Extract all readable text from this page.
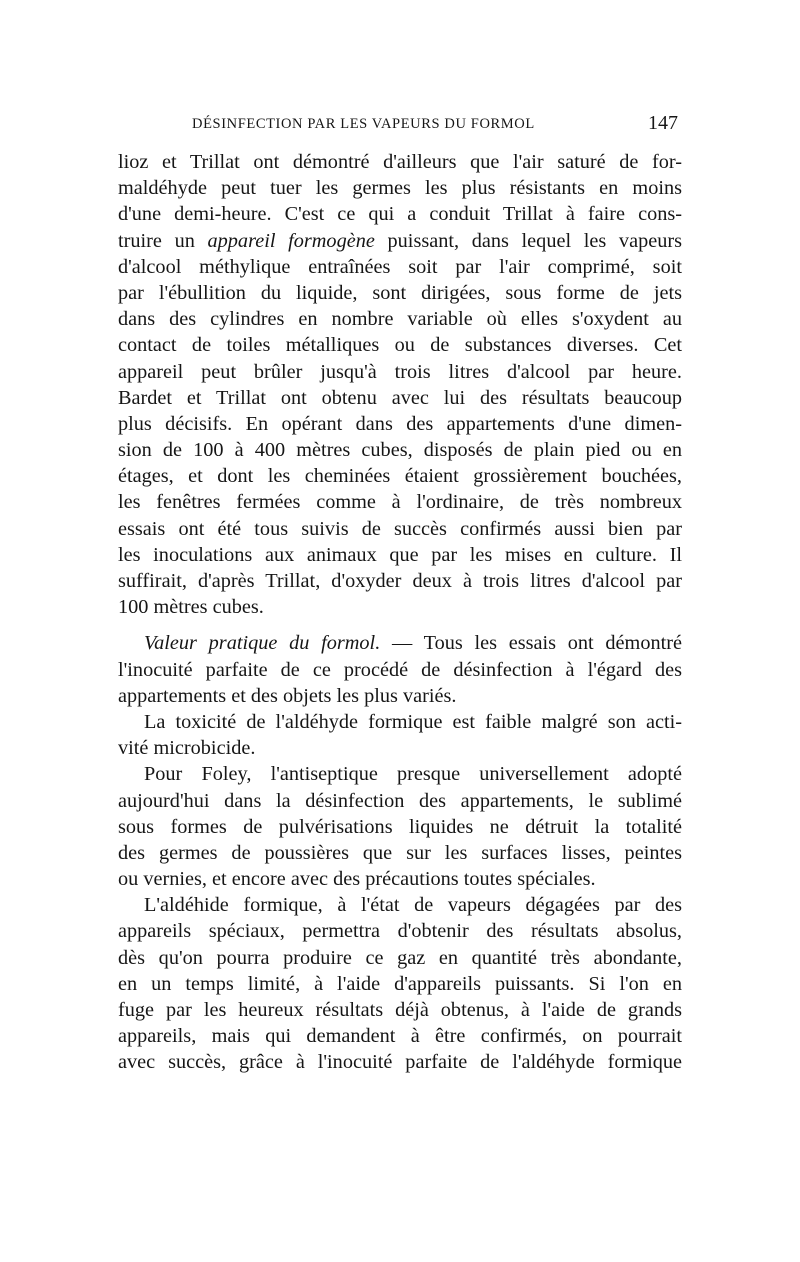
DÉSINFECTION PAR LES VAPEURS DU FORMOL	147
lioz et Trillat ont démontré d'ailleurs que l'air saturé de for-
maldéhyde peut tuer les germes les plus résistants en moins
d'une demi-heure. C'est ce qui a conduit Trillat à faire cons-
truire un appareil formogène puissant, dans lequel les vapeurs
d'alcool méthylique entraînées soit par l'air comprimé, soit
par l'ébullition du liquide, sont dirigées, sous forme de jets
dans des cylindres en nombre variable où elles s'oxydent au
contact de toiles métalliques ou de substances diverses. Cet
appareil peut brûler jusqu'à trois litres d'alcool par heure.
Bardet et Trillat ont obtenu avec lui des résultats beaucoup
plus décisifs. En opérant dans des appartements d'une dimen-
sion de 100 à 400 mètres cubes, disposés de plain pied ou en
étages, et dont les cheminées étaient grossièrement bouchées,
les fenêtres fermées comme à l'ordinaire, de très nombreux
essais ont été tous suivis de succès confirmés aussi bien par
les inoculations aux animaux que par les mises en culture. Il
suffirait, d'après Trillat, d'oxyder deux à trois litres d'alcool par
100 mètres cubes.
Valeur pratique du formol. — Tous les essais ont démontré
l'inocuité parfaite de ce procédé de désinfection à l'égard des
appartements et des objets les plus variés.
La toxicité de l'aldéhyde formique est faible malgré son acti-
vité microbicide.
Pour Foley, l'antiseptique presque universellement adopté
aujourd'hui dans la désinfection des appartements, le sublimé
sous formes de pulvérisations liquides ne détruit la totalité
des germes de poussières que sur les surfaces lisses, peintes
ou vernies, et encore avec des précautions toutes spéciales.
L'aldéhide formique, à l'état de vapeurs dégagées par des
appareils spéciaux, permettra d'obtenir des résultats absolus,
dès qu'on pourra produire ce gaz en quantité très abondante,
en un temps limité, à l'aide d'appareils puissants. Si l'on en
fuge par les heureux résultats déjà obtenus, à l'aide de grands
appareils, mais qui demandent à être confirmés, on pourrait
avec succès, grâce à l'inocuité parfaite de l'aldéhyde formique
